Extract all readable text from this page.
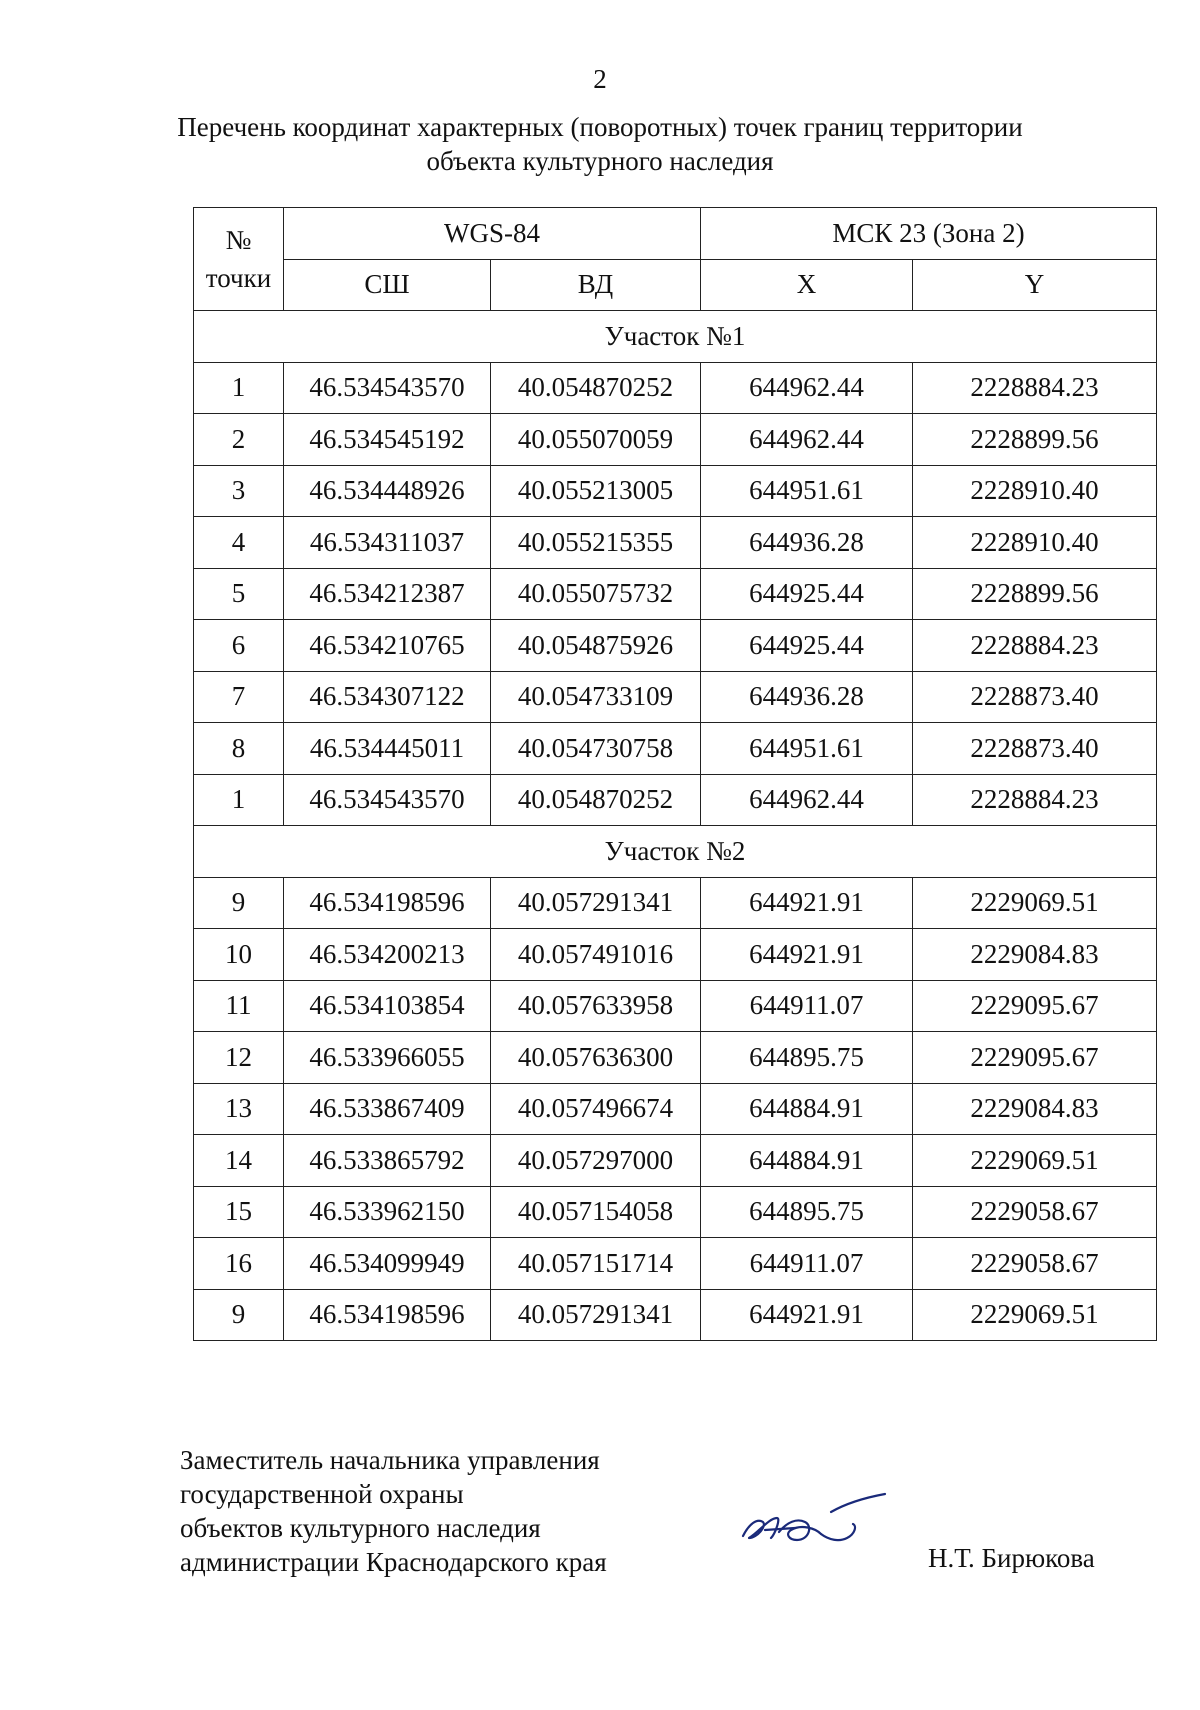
2
Перечень координат характерных (поворотных) точек границ территории
объекта культурного наследия
№
точки	WGS-84		МСК 23 (Зона 2)	
	СШ	ВД	X	Y
Участок №1				
1	46.534543570	40.054870252	644962.44	2228884.23
2	46.534545192	40.055070059	644962.44	2228899.56
3	46.534448926	40.055213005	644951.61	2228910.40
4	46.534311037	40.055215355	644936.28	2228910.40
5	46.534212387	40.055075732	644925.44	2228899.56
6	46.534210765	40.054875926	644925.44	2228884.23
7	46.534307122	40.054733109	644936.28	2228873.40
8	46.534445011	40.054730758	644951.61	2228873.40
1	46.534543570	40.054870252	644962.44	2228884.23
Участок №2				
9	46.534198596	40.057291341	644921.91	2229069.51
10	46.534200213	40.057491016	644921.91	2229084.83
11	46.534103854	40.057633958	644911.07	2229095.67
12	46.533966055	40.057636300	644895.75	2229095.67
13	46.533867409	40.057496674	644884.91	2229084.83
14	46.533865792	40.057297000	644884.91	2229069.51
15	46.533962150	40.057154058	644895.75	2229058.67
16	46.534099949	40.057151714	644911.07	2229058.67
9	46.534198596	40.057291341	644921.91	2229069.51
Заместитель начальника управления
государственной охраны
объектов культурного наследия
администрации Краснодарского края	Н.Т. Бирюкова
